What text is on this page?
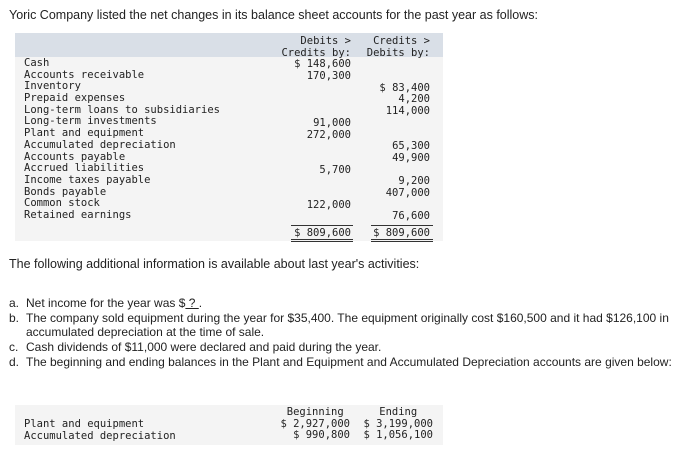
Yoric Company listed the net changes in its balance sheet accounts for the past year as follows:
Cash
Accounts receivable
Inventory
Prepaid expenses
Long-term loans to subsidiaries
Long-term investments
Plant and equipment
Accumulated depreciation
Accounts payable
Accrued liabilities
Income taxes payable
Bonds payable
Common stock
Retained earnings
Debits >
Credits by:
$ 148,600
170,300
91,000
272,000
5,700
122,000
Credits >
Debits by:
$ 83,400
4,200
114,000
65,300
49,900
9,200
407,000
76,600
$ 809,600 $ 809,600
The following additional information is available about last year's activities:
a. Net income for the year was $ ? .
b. The company sold equipment during the year for $35,400. The equipment originally cost $160,500 and it had $126,100 in accumulated depreciation at the time of sale.
c. Cash dividends of $11,000 were declared and paid during the year.
d. The beginning and ending balances in the Plant and Equipment and Accumulated Depreciation accounts are given below:
Plant and equipment
Accumulated depreciation
Beginning
$ 2,927,000
$ 990,800
Ending
$ 3,199,000
$ 1,056,100
